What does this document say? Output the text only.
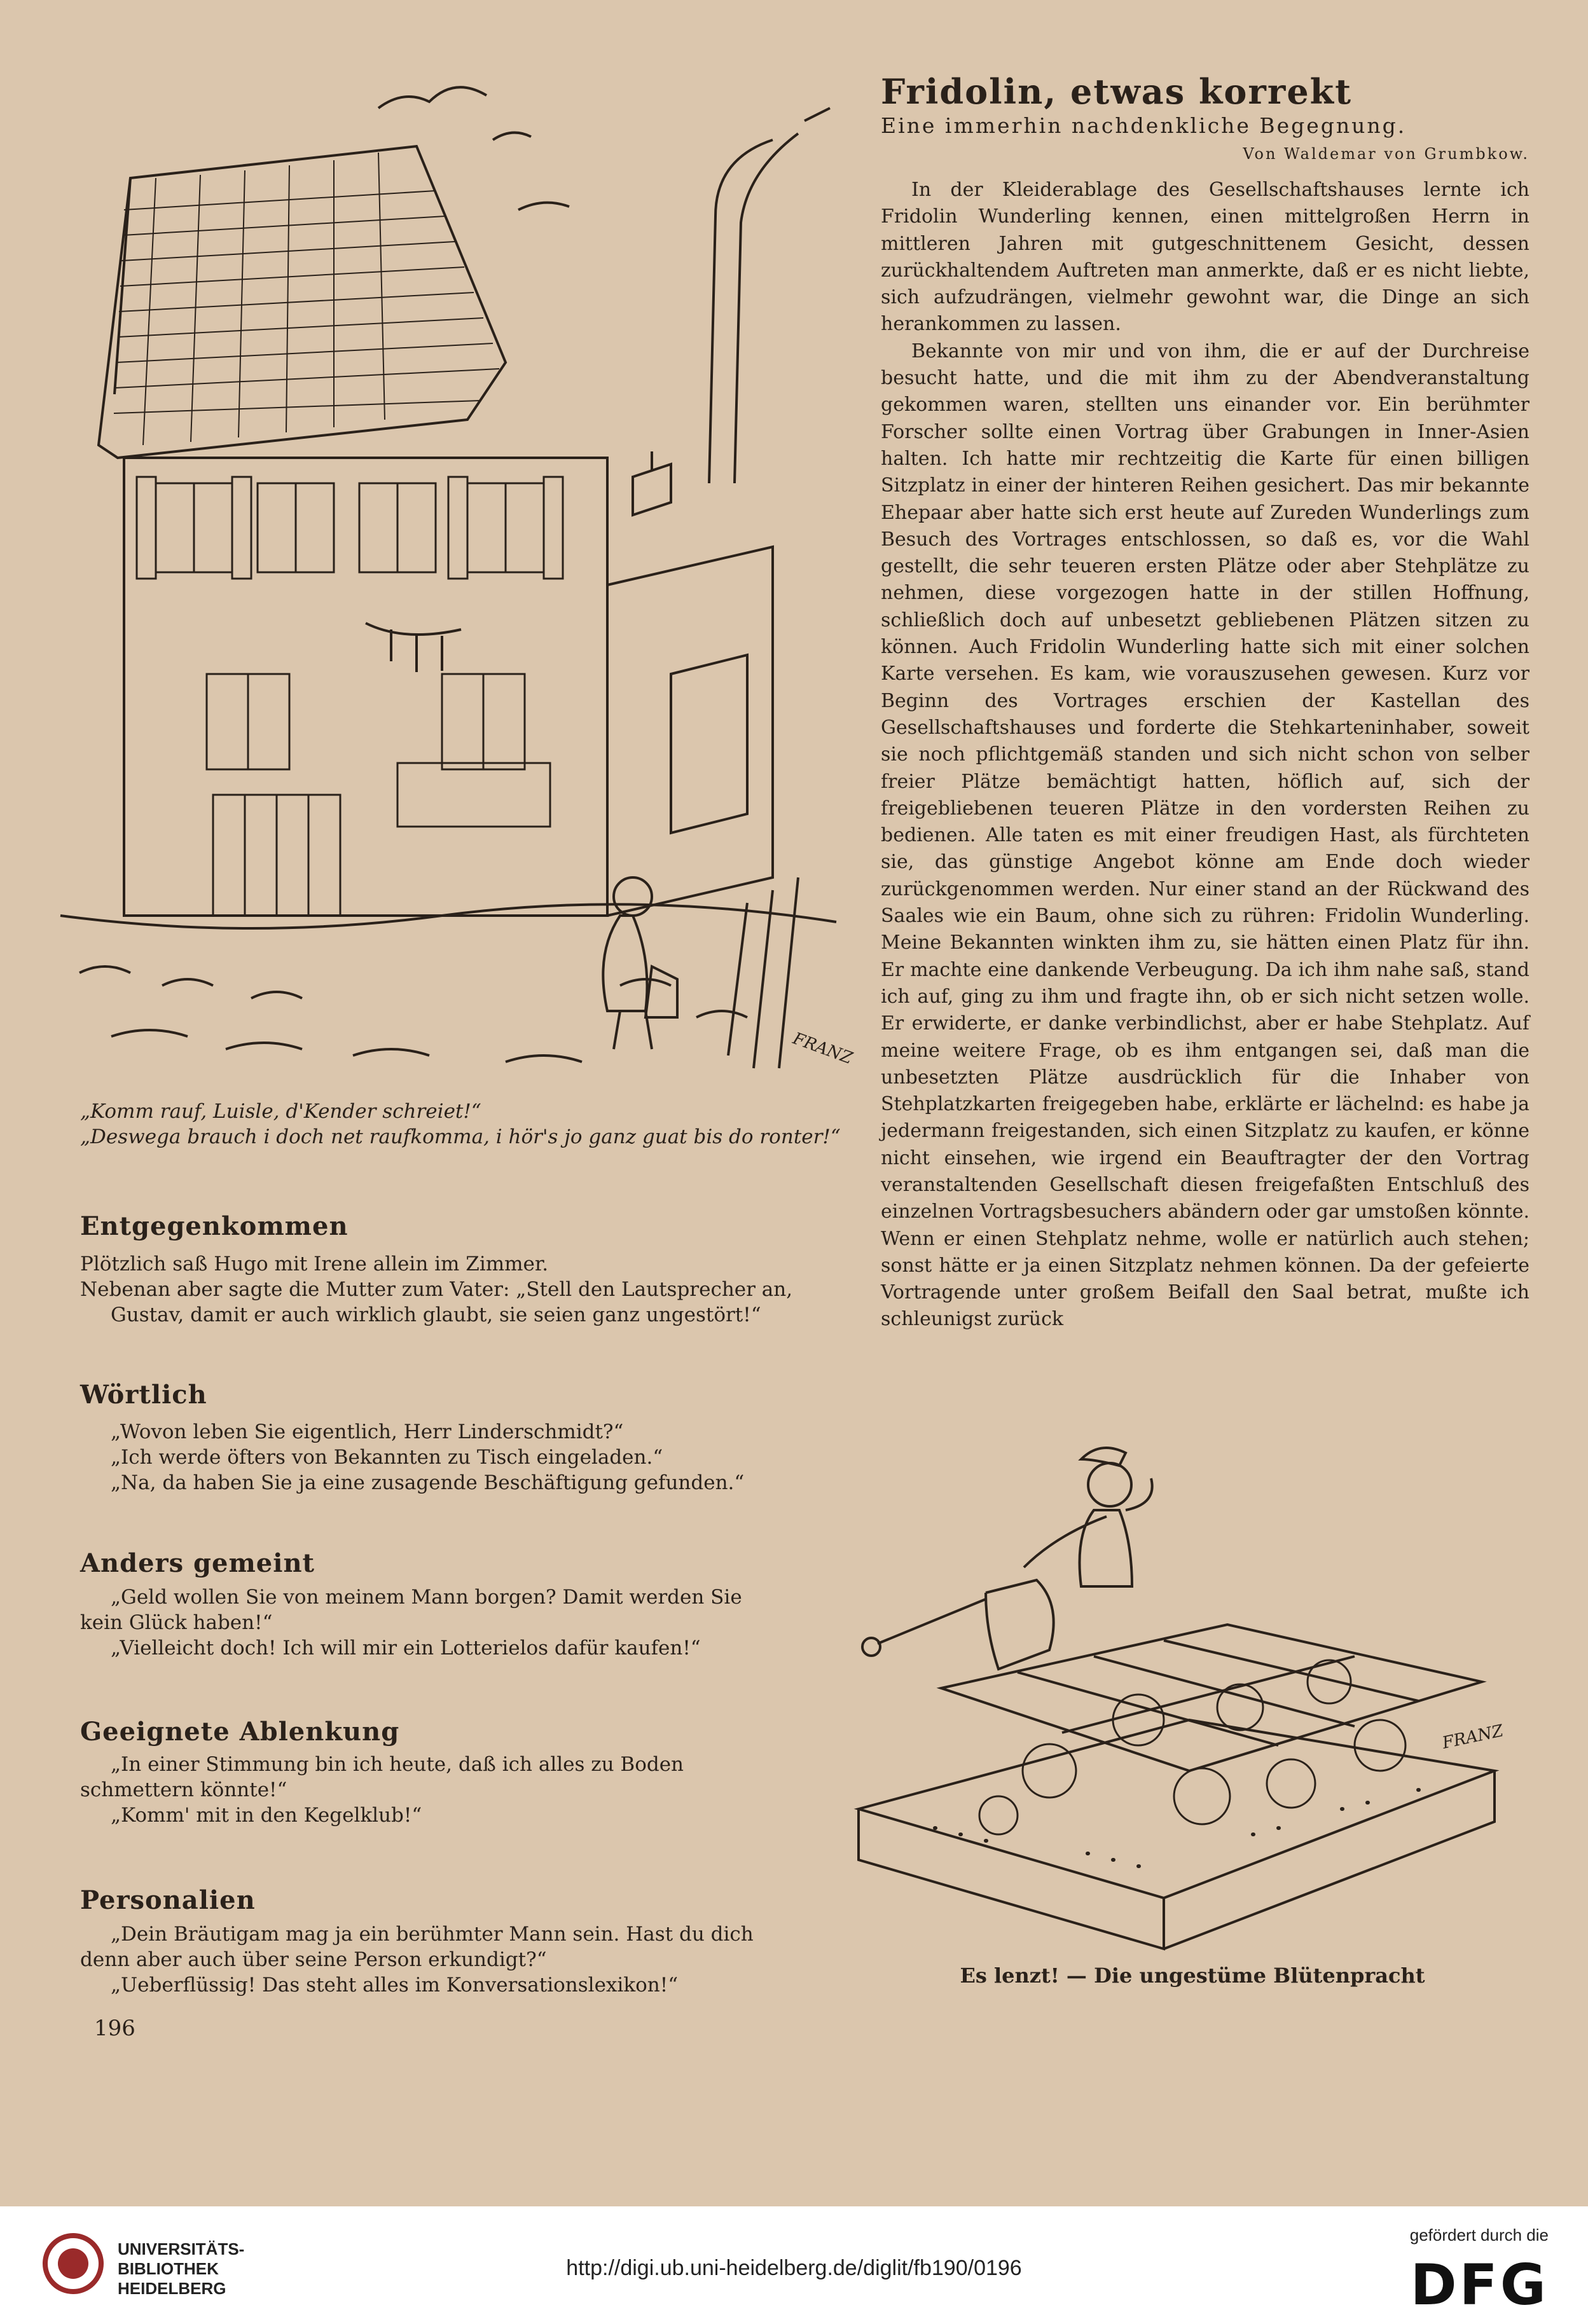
FRANZ
„Komm rauf, Luisle, d'Kender schreiet!“
„Deswega brauch i doch net raufkomma, i hör's jo ganz guat bis do ronter!“
Entgegenkommen

Plötzlich saß Hugo mit Irene allein im Zimmer.

Nebenan aber sagte die Mutter zum Vater: „Stell den Lautsprecher an, Gustav, damit er auch wirklich glaubt, sie seien ganz ungestört!“

Wörtlich

„Wovon leben Sie eigentlich, Herr Linderschmidt?“

„Ich werde öfters von Bekannten zu Tisch eingeladen.“

„Na, da haben Sie ja eine zusagende Beschäftigung gefunden.“

Anders gemeint

„Geld wollen Sie von meinem Mann borgen? Damit werden Sie kein Glück haben!“

„Vielleicht doch! Ich will mir ein Lotterielos dafür kaufen!“

Geeignete Ablenkung

„In einer Stimmung bin ich heute, daß ich alles zu Boden schmettern könnte!“

„Komm' mit in den Kegelklub!“

Personalien

„Dein Bräutigam mag ja ein berühmter Mann sein. Hast du dich denn aber auch über seine Person erkundigt?“

„Ueberflüssig! Das steht alles im Konversationslexikon!“

196
Fridolin, etwas korrekt
Eine immerhin nachdenkliche Begegnung.
Von Waldemar von Grumbkow.

In der Kleiderablage des Gesellschaftshauses lernte ich Fridolin Wunderling kennen, einen mittelgroßen Herrn in mittleren Jahren mit gutgeschnittenem Gesicht, dessen zurückhaltendem Auftreten man anmerkte, daß er es nicht liebte, sich aufzudrängen, vielmehr gewohnt war, die Dinge an sich herankommen zu lassen.

Bekannte von mir und von ihm, die er auf der Durchreise besucht hatte, und die mit ihm zu der Abendveranstaltung gekommen waren, stellten uns einander vor. Ein berühmter Forscher sollte einen Vortrag über Grabungen in Inner-Asien halten. Ich hatte mir rechtzeitig die Karte für einen billigen Sitzplatz in einer der hinteren Reihen gesichert. Das mir bekannte Ehepaar aber hatte sich erst heute auf Zureden Wunderlings zum Besuch des Vortrages entschlossen, so daß es, vor die Wahl gestellt, die sehr teueren ersten Plätze oder aber Stehplätze zu nehmen, diese vorgezogen hatte in der stillen Hoffnung, schließlich doch auf unbesetzt gebliebenen Plätzen sitzen zu können. Auch Fridolin Wunderling hatte sich mit einer solchen Karte versehen. Es kam, wie vorauszusehen gewesen. Kurz vor Beginn des Vortrages erschien der Kastellan des Gesellschaftshauses und forderte die Stehkarteninhaber, soweit sie noch pflichtgemäß standen und sich nicht schon von selber freier Plätze bemächtigt hatten, höflich auf, sich der freigebliebenen teueren Plätze in den vordersten Reihen zu bedienen. Alle taten es mit einer freudigen Hast, als fürchteten sie, das günstige Angebot könne am Ende doch wieder zurückgenommen werden. Nur einer stand an der Rückwand des Saales wie ein Baum, ohne sich zu rühren: Fridolin Wunderling. Meine Bekannten winkten ihm zu, sie hätten einen Platz für ihn. Er machte eine dankende Verbeugung. Da ich ihm nahe saß, stand ich auf, ging zu ihm und fragte ihn, ob er sich nicht setzen wolle. Er erwiderte, er danke verbindlichst, aber er habe Stehplatz. Auf meine weitere Frage, ob es ihm entgangen sei, daß man die unbesetzten Plätze ausdrücklich für die Inhaber von Stehplatzkarten freigegeben habe, erklärte er lächelnd: es habe ja jedermann freigestanden, sich einen Sitzplatz zu kaufen, er könne nicht einsehen, wie irgend ein Beauftragter der den Vortrag veranstaltenden Gesellschaft diesen freigefaßten Entschluß des einzelnen Vortragsbesuchers abändern oder gar umstoßen könnte. Wenn er einen Stehplatz nehme, wolle er natürlich auch stehen; sonst hätte er ja einen Sitzplatz nehmen können. Da der gefeierte Vortragende unter großem Beifall den Saal betrat, mußte ich schleunigst zurück

FRANZ
Es lenzt! — Die ungestüme Blütenpracht
UNIVERSITÄTS-
BIBLIOTHEK
HEIDELBERG
http://digi.ub.uni-heidelberg.de/diglit/fb190/0196
gefördert durch die
DFG
